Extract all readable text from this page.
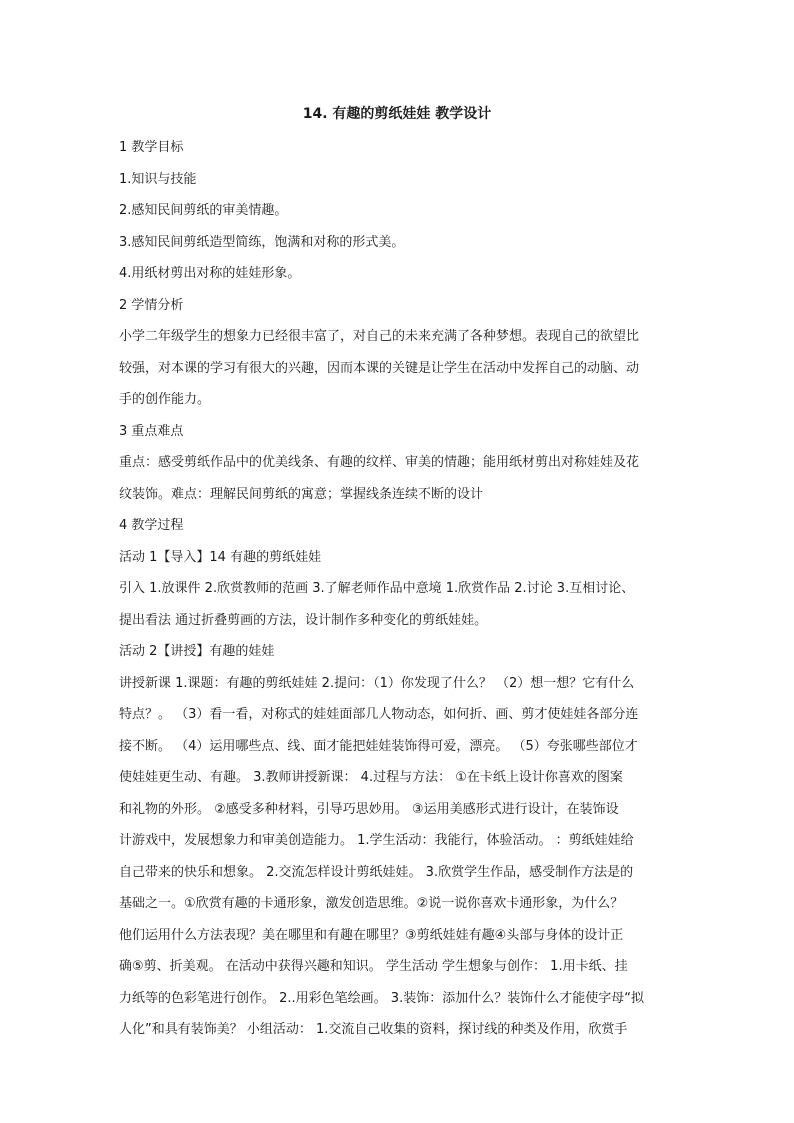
14. 有趣的剪纸娃娃 教学设计

1 教学目标

1.知识与技能

2.感知民间剪纸的审美情趣。

3.感知民间剪纸造型简练，饱满和对称的形式美。

4.用纸材剪出对称的娃娃形象。

2 学情分析

小学二年级学生的想象力已经很丰富了，对自己的未来充满了各种梦想。表现自己的欲望比

较强，对本课的学习有很大的兴趣，因而本课的关键是让学生在活动中发挥自己的动脑、动

手的创作能力。

3 重点难点

重点：感受剪纸作品中的优美线条、有趣的纹样、审美的情趣；能用纸材剪出对称娃娃及花

纹装饰。难点：理解民间剪纸的寓意；掌握线条连续不断的设计

4 教学过程

活动 1【导入】14 有趣的剪纸娃娃

引入 1.放课件 2.欣赏教师的范画 3.了解老师作品中意境 1.欣赏作品 2.讨论 3.互相讨论、

提出看法 通过折叠剪画的方法，设计制作多种变化的剪纸娃娃。

活动 2【讲授】有趣的娃娃

讲授新课 1.课题：有趣的剪纸娃娃 2.提问：（1）你发现了什么？ （2）想一想？它有什么

特点？。 （3）看一看，对称式的娃娃面部几人物动态，如何折、画、剪才使娃娃各部分连

接不断。 （4）运用哪些点、线、面才能把娃娃装饰得可爱，漂亮。 （5）夸张哪些部位才

使娃娃更生动、有趣。 3.教师讲授新课： 4.过程与方法： ①在卡纸上设计你喜欢的图案

和礼物的外形。 ②感受多种材料，引导巧思妙用。 ③运用美感形式进行设计，在装饰设

计游戏中，发展想象力和审美创造能力。 1.学生活动：我能行，体验活动。 ：剪纸娃娃给

自己带来的快乐和想象。 2.交流怎样设计剪纸娃娃。 3.欣赏学生作品，感受制作方法是的

基础之一。①欣赏有趣的卡通形象，激发创造思维。②说一说你喜欢卡通形象，为什么？

他们运用什么方法表现？美在哪里和有趣在哪里？③剪纸娃娃有趣④头部与身体的设计正

确⑤剪、折美观。 在活动中获得兴趣和知识。 学生活动 学生想象与创作： 1.用卡纸、挂

力纸等的色彩笔进行创作。 2..用彩色笔绘画。 3.装饰：添加什么？装饰什么才能使字母“拟

人化”和具有装饰美？ 小组活动： 1.交流自己收集的资料，探讨线的种类及作用，欣赏手
